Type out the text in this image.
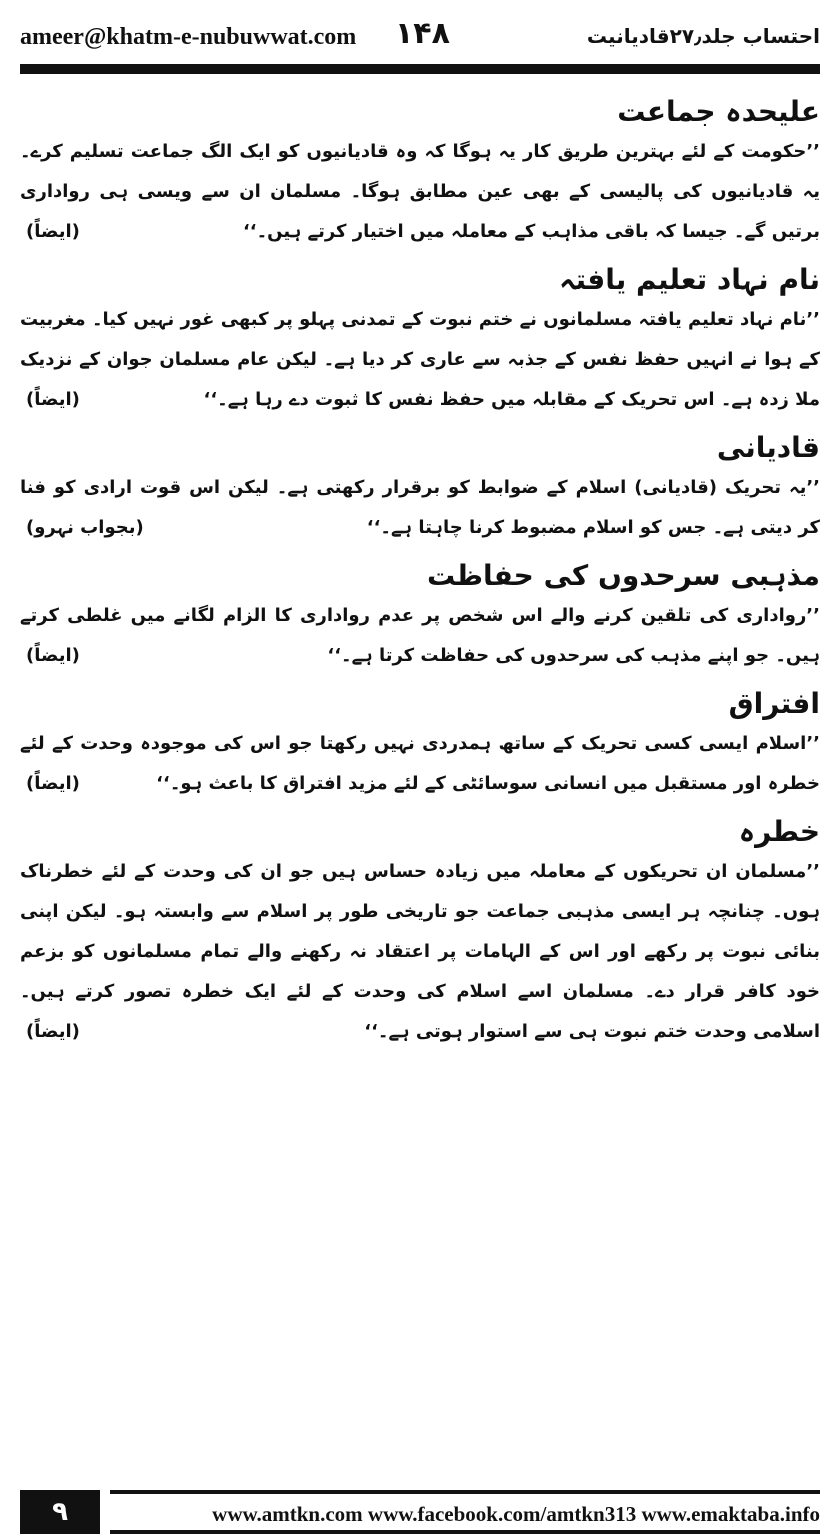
ameer@khatm-e-nubuwwat.com ۱۴۸	احتساب جلد۲۷٫قادیانیت
علیحدہ جماعت

’’حکومت کے لئے بہترین طریق کار یہ ہوگا کہ وہ قادیانیوں کو ایک الگ جماعت تسلیم کرے۔ یہ قادیانیوں کی پالیسی کے بھی عین مطابق ہوگا۔ مسلمان ان سے ویسی ہی رواداری برتیں گے۔ جیسا کہ باقی مذاہب کے معاملہ میں اختیار کرتے ہیں۔‘‘
(ایضاً)

نام نہاد تعلیم یافتہ

’’نام نہاد تعلیم یافتہ مسلمانوں نے ختم نبوت کے تمدنی پہلو پر کبھی غور نہیں کیا۔ مغربیت کے ہوا نے انہیں حفظ نفس کے جذبہ سے عاری کر دیا ہے۔ لیکن عام مسلمان جوان کے نزدیک ملا زدہ ہے۔ اس تحریک کے مقابلہ میں حفظ نفس کا ثبوت دے رہا ہے۔‘‘
(ایضاً)

قادیانی

’’یہ تحریک (قادیانی) اسلام کے ضوابط کو برقرار رکھتی ہے۔ لیکن اس قوت ارادی کو فنا کر دیتی ہے۔ جس کو اسلام مضبوط کرنا چاہتا ہے۔‘‘
(بجواب نہرو)

مذہبی سرحدوں کی حفاظت

’’رواداری کی تلقین کرنے والے اس شخص پر عدم رواداری کا الزام لگانے میں غلطی کرتے ہیں۔ جو اپنے مذہب کی سرحدوں کی حفاظت کرتا ہے۔‘‘
(ایضاً)

افتراق

’’اسلام ایسی کسی تحریک کے ساتھ ہمدردی نہیں رکھتا جو اس کی موجودہ وحدت کے لئے خطرہ اور مستقبل میں انسانی سوسائٹی کے لئے مزید افتراق کا باعث ہو۔‘‘
(ایضاً)

خطرہ

’’مسلمان ان تحریکوں کے معاملہ میں زیادہ حساس ہیں جو ان کی وحدت کے لئے خطرناک ہوں۔ چنانچہ ہر ایسی مذہبی جماعت جو تاریخی طور پر اسلام سے وابستہ ہو۔ لیکن اپنی بنائی نبوت پر رکھے اور اس کے الہامات پر اعتقاد نہ رکھنے والے تمام مسلمانوں کو بزعم خود کافر قرار دے۔ مسلمان اسے اسلام کی وحدت کے لئے ایک خطرہ تصور کرتے ہیں۔ اسلامی وحدت ختم نبوت ہی سے استوار ہوتی ہے۔‘‘
(ایضاً)

۹	www.amtkn.com www.facebook.com/amtkn313 www.emaktaba.info
